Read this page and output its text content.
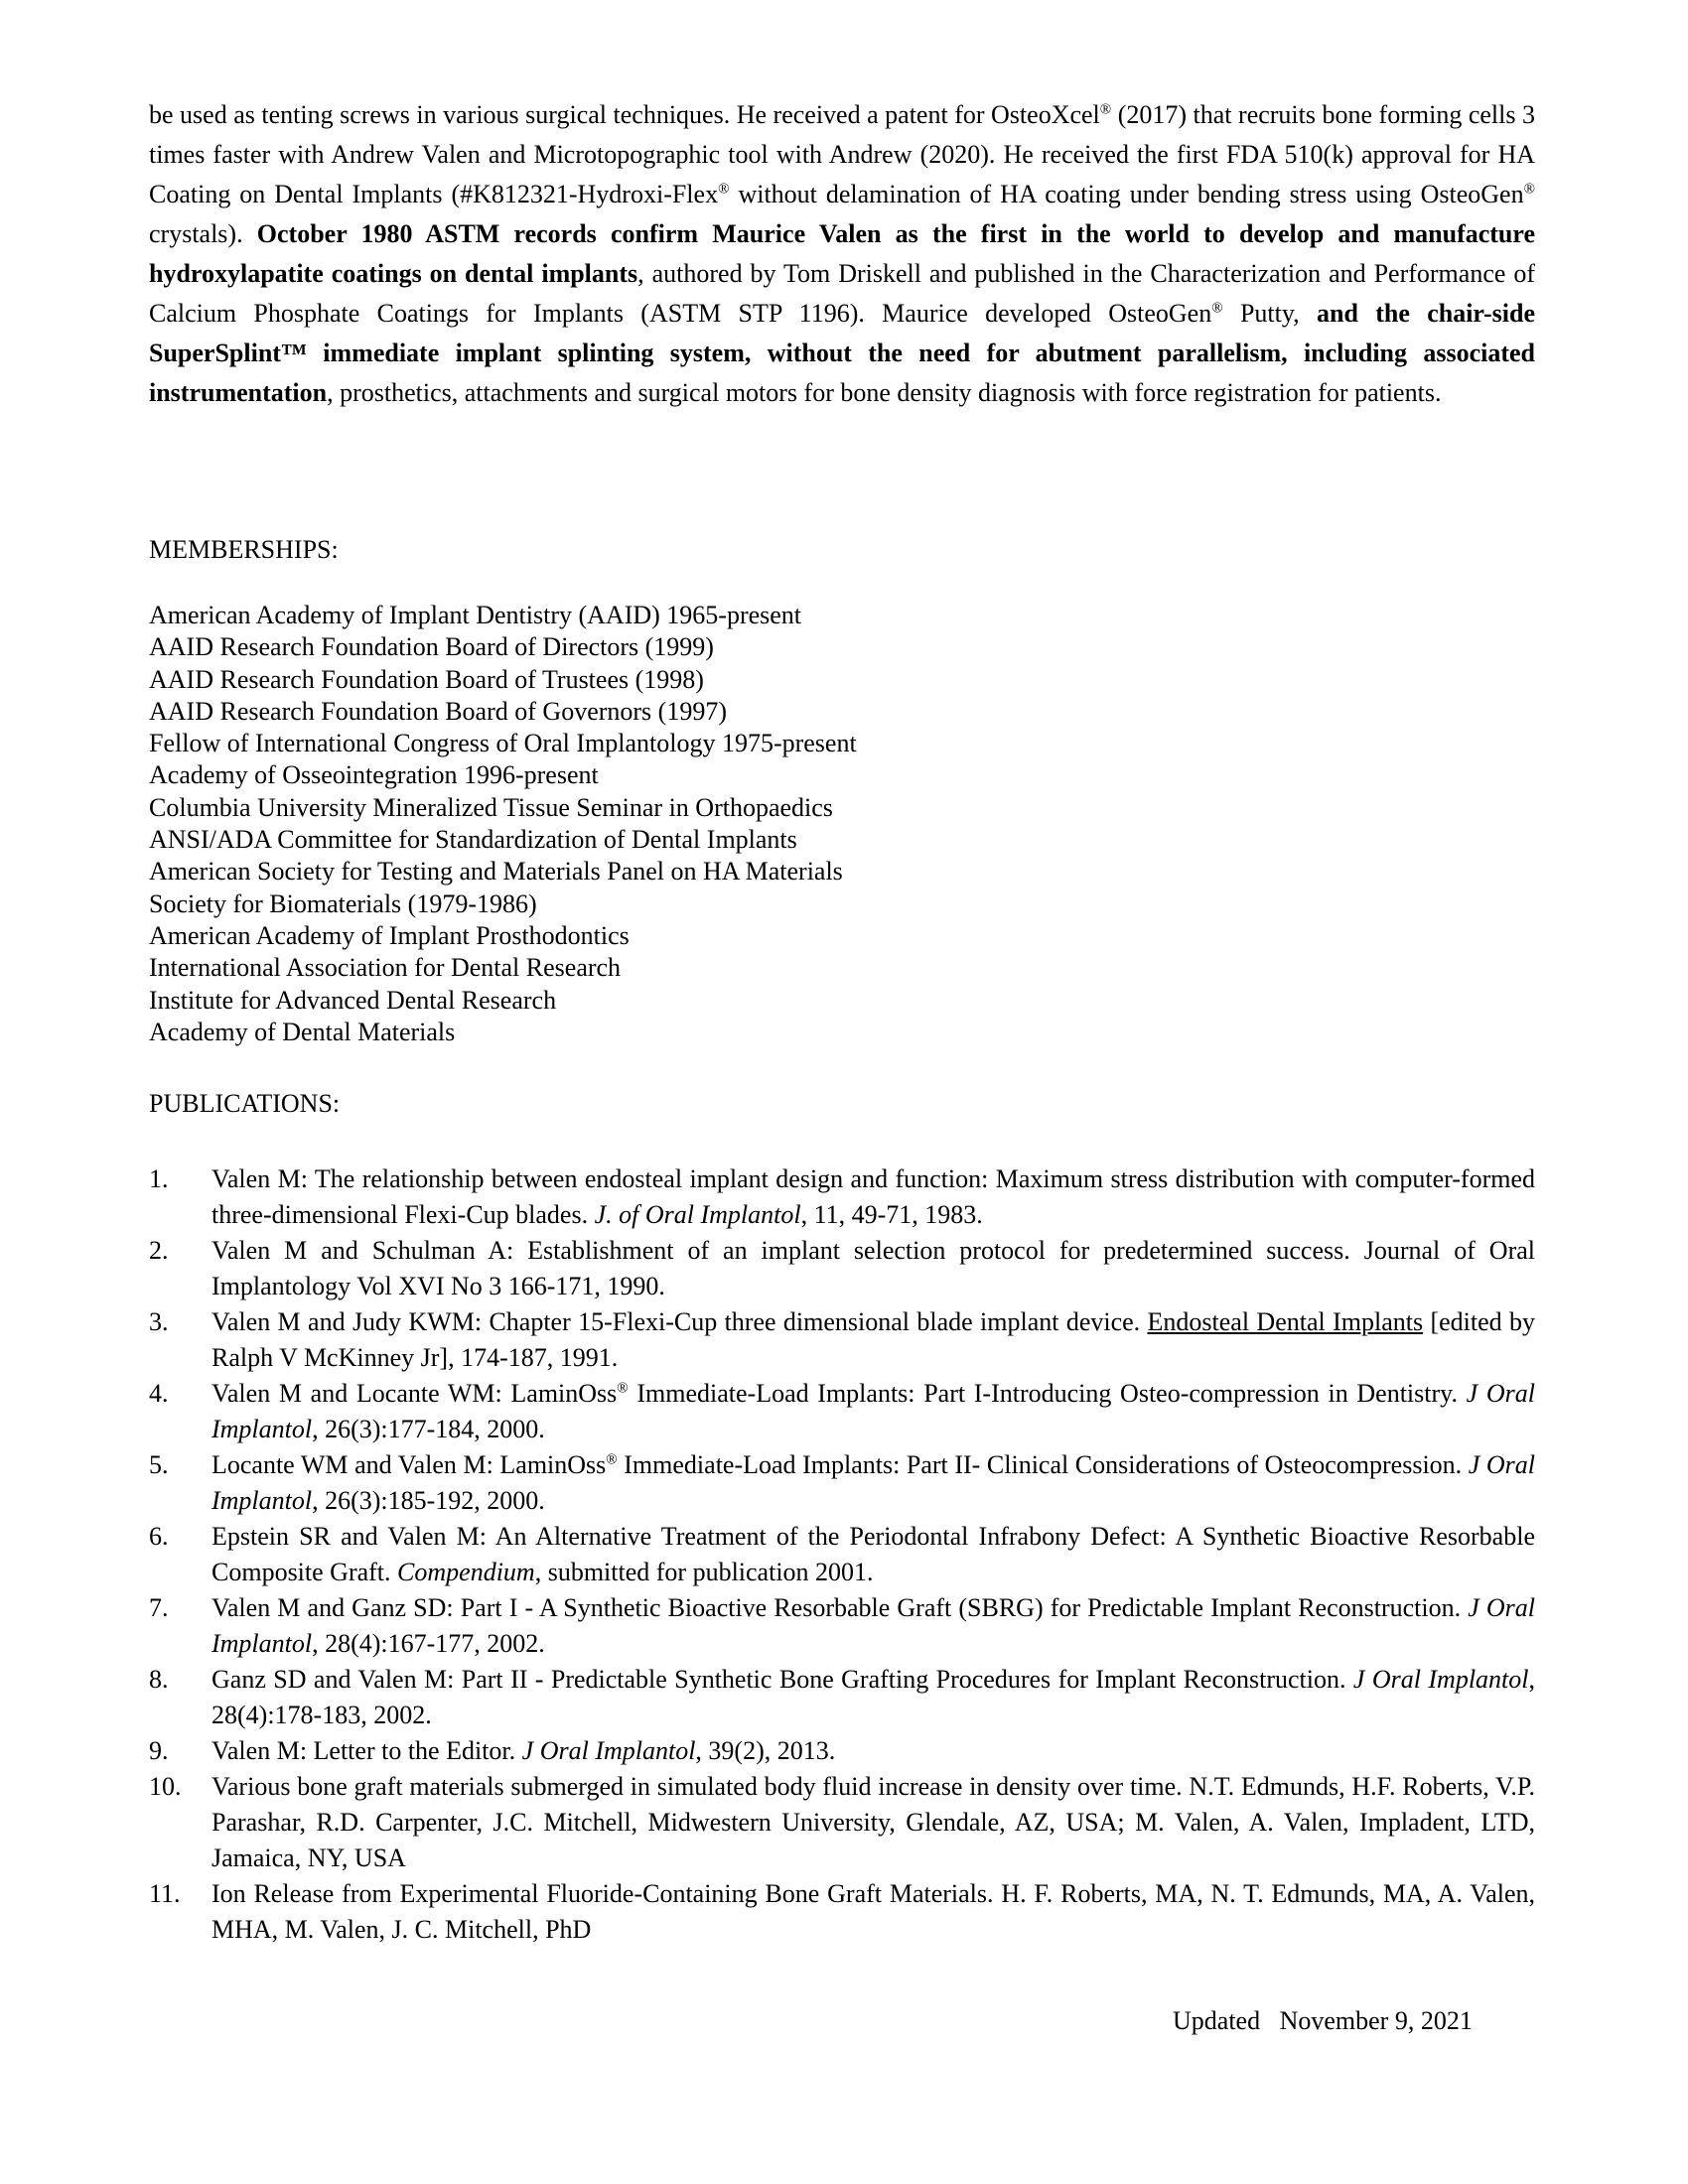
be used as tenting screws in various surgical techniques. He received a patent for OsteoXcel® (2017) that recruits bone forming cells 3 times faster with Andrew Valen and Microtopographic tool with Andrew (2020). He received the first FDA 510(k) approval for HA Coating on Dental Implants (#K812321-Hydroxi-Flex® without delamination of HA coating under bending stress using OsteoGen® crystals). October 1980 ASTM records confirm Maurice Valen as the first in the world to develop and manufacture hydroxylapatite coatings on dental implants, authored by Tom Driskell and published in the Characterization and Performance of Calcium Phosphate Coatings for Implants (ASTM STP 1196). Maurice developed OsteoGen® Putty, and the chair-side SuperSplint™ immediate implant splinting system, without the need for abutment parallelism, including associated instrumentation, prosthetics, attachments and surgical motors for bone density diagnosis with force registration for patients.

MEMBERSHIPS:

American Academy of Implant Dentistry (AAID) 1965-present
AAID Research Foundation Board of Directors (1999)
AAID Research Foundation Board of Trustees (1998)
AAID Research Foundation Board of Governors (1997)
Fellow of International Congress of Oral Implantology 1975-present
Academy of Osseointegration 1996-present
Columbia University Mineralized Tissue Seminar in Orthopaedics
ANSI/ADA Committee for Standardization of Dental Implants
American Society for Testing and Materials Panel on HA Materials
Society for Biomaterials (1979-1986)
American Academy of Implant Prosthodontics
International Association for Dental Research
Institute for Advanced Dental Research
Academy of Dental Materials

PUBLICATIONS:

1.	Valen M: The relationship between endosteal implant design and function: Maximum stress distribution with computer-formed three-dimensional Flexi-Cup blades. J. of Oral Implantol, 11, 49-71, 1983.
2.	Valen M and Schulman A: Establishment of an implant selection protocol for predetermined success. Journal of Oral Implantology Vol XVI No 3 166-171, 1990.
3.	Valen M and Judy KWM: Chapter 15-Flexi-Cup three dimensional blade implant device. Endosteal Dental Implants [edited by Ralph V McKinney Jr], 174-187, 1991.
4.	Valen M and Locante WM: LaminOss® Immediate-Load Implants: Part I-Introducing Osteo-compression in Dentistry. J Oral Implantol, 26(3):177-184, 2000.
5.	Locante WM and Valen M: LaminOss® Immediate-Load Implants: Part II- Clinical Considerations of Osteocompression. J Oral Implantol, 26(3):185-192, 2000.
6.	Epstein SR and Valen M: An Alternative Treatment of the Periodontal Infrabony Defect: A Synthetic Bioactive Resorbable Composite Graft. Compendium, submitted for publication 2001.
7.	Valen M and Ganz SD: Part I - A Synthetic Bioactive Resorbable Graft (SBRG) for Predictable Implant Reconstruction. J Oral Implantol, 28(4):167-177, 2002.
8.	Ganz SD and Valen M: Part II - Predictable Synthetic Bone Grafting Procedures for Implant Reconstruction. J Oral Implantol, 28(4):178-183, 2002.
9.	Valen M: Letter to the Editor. J Oral Implantol, 39(2), 2013.
10.	Various bone graft materials submerged in simulated body fluid increase in density over time. N.T. Edmunds, H.F. Roberts, V.P. Parashar, R.D. Carpenter, J.C. Mitchell, Midwestern University, Glendale, AZ, USA; M. Valen, A. Valen, Impladent, LTD, Jamaica, NY, USA
11.	Ion Release from Experimental Fluoride-Containing Bone Graft Materials. H. F. Roberts, MA, N. T. Edmunds, MA, A. Valen, MHA, M. Valen, J. C. Mitchell, PhD
Updated   November 9, 2021
